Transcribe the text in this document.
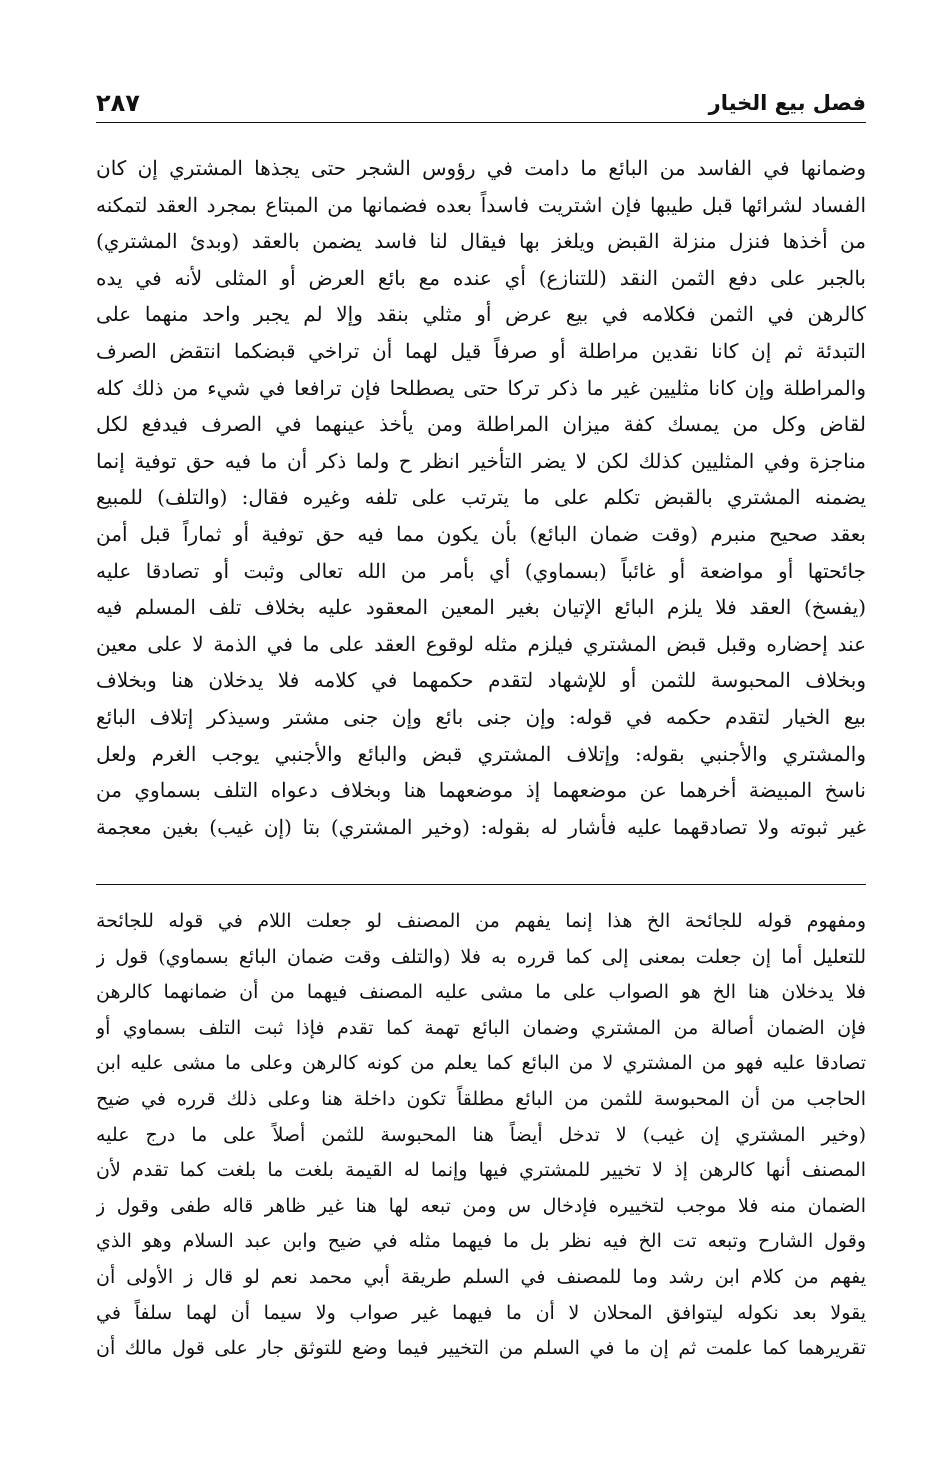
٢٨٧	فصل بيع الخيار
وضمانها في الفاسد من البائع ما دامت في رؤوس الشجر حتى يجذها المشتري إن كان
الفساد لشرائها قبل طيبها فإن اشتريت فاسداً بعده فضمانها من المبتاع بمجرد العقد لتمكنه
من أخذها فنزل منزلة القبض ويلغز بها فيقال لنا فاسد يضمن بالعقد (وبدئ المشتري)
بالجبر على دفع الثمن النقد (للتنازع) أي عنده مع بائع العرض أو المثلى لأنه في يده
كالرهن في الثمن فكلامه في بيع عرض أو مثلي بنقد وإلا لم يجبر واحد منهما على
التبدئة ثم إن كانا نقدين مراطلة أو صرفاً قيل لهما أن تراخي قبضكما انتقض الصرف
والمراطلة وإن كانا مثليين غير ما ذكر تركا حتى يصطلحا فإن ترافعا في شيء من ذلك كله
لقاض وكل من يمسك كفة ميزان المراطلة ومن يأخذ عينهما في الصرف فيدفع لكل
مناجزة وفي المثليين كذلك لكن لا يضر التأخير انظر ح ولما ذكر أن ما فيه حق توفية إنما
يضمنه المشتري بالقبض تكلم على ما يترتب على تلفه وغيره فقال: (والتلف) للمبيع
بعقد صحيح منبرم (وقت ضمان البائع) بأن يكون مما فيه حق توفية أو ثماراً قبل أمن
جائحتها أو مواضعة أو غائباً (بسماوي) أي بأمر من الله تعالى وثبت أو تصادقا عليه
(يفسخ) العقد فلا يلزم البائع الإتيان بغير المعين المعقود عليه بخلاف تلف المسلم فيه
عند إحضاره وقبل قبض المشتري فيلزم مثله لوقوع العقد على ما في الذمة لا على معين
وبخلاف المحبوسة للثمن أو للإشهاد لتقدم حكمهما في كلامه فلا يدخلان هنا وبخلاف
بيع الخيار لتقدم حكمه في قوله: وإن جنى بائع وإن جنى مشتر وسيذكر إتلاف البائع
والمشتري والأجنبي بقوله: وإتلاف المشتري قبض والبائع والأجنبي يوجب الغرم ولعل
ناسخ المبيضة أخرهما عن موضعهما إذ موضعهما هنا وبخلاف دعواه التلف بسماوي من
غير ثبوته ولا تصادقهما عليه فأشار له بقوله: (وخير المشتري) بتا (إن غيب) بغين معجمة
ومفهوم قوله للجائحة الخ هذا إنما يفهم من المصنف لو جعلت اللام في قوله للجائحة
للتعليل أما إن جعلت بمعنى إلى كما قرره به فلا (والتلف وقت ضمان البائع بسماوي) قول ز
فلا يدخلان هنا الخ هو الصواب على ما مشى عليه المصنف فيهما من أن ضمانهما كالرهن
فإن الضمان أصالة من المشتري وضمان البائع تهمة كما تقدم فإذا ثبت التلف بسماوي أو
تصادقا عليه فهو من المشتري لا من البائع كما يعلم من كونه كالرهن وعلى ما مشى عليه ابن
الحاجب من أن المحبوسة للثمن من البائع مطلقاً تكون داخلة هنا وعلى ذلك قرره في ضيح
(وخير المشتري إن غيب) لا تدخل أيضاً هنا المحبوسة للثمن أصلاً على ما درج عليه
المصنف أنها كالرهن إذ لا تخيير للمشتري فيها وإنما له القيمة بلغت ما بلغت كما تقدم لأن
الضمان منه فلا موجب لتخييره فإدخال س ومن تبعه لها هنا غير ظاهر قاله طفى وقول ز
وقول الشارح وتبعه تت الخ فيه نظر بل ما فيهما مثله في ضيح وابن عبد السلام وهو الذي
يفهم من كلام ابن رشد وما للمصنف في السلم طريقة أبي محمد نعم لو قال ز الأولى أن
يقولا بعد نكوله ليتوافق المحلان لا أن ما فيهما غير صواب ولا سيما أن لهما سلفاً في
تقريرهما كما علمت ثم إن ما في السلم من التخيير فيما وضع للتوثق جار على قول مالك أن
